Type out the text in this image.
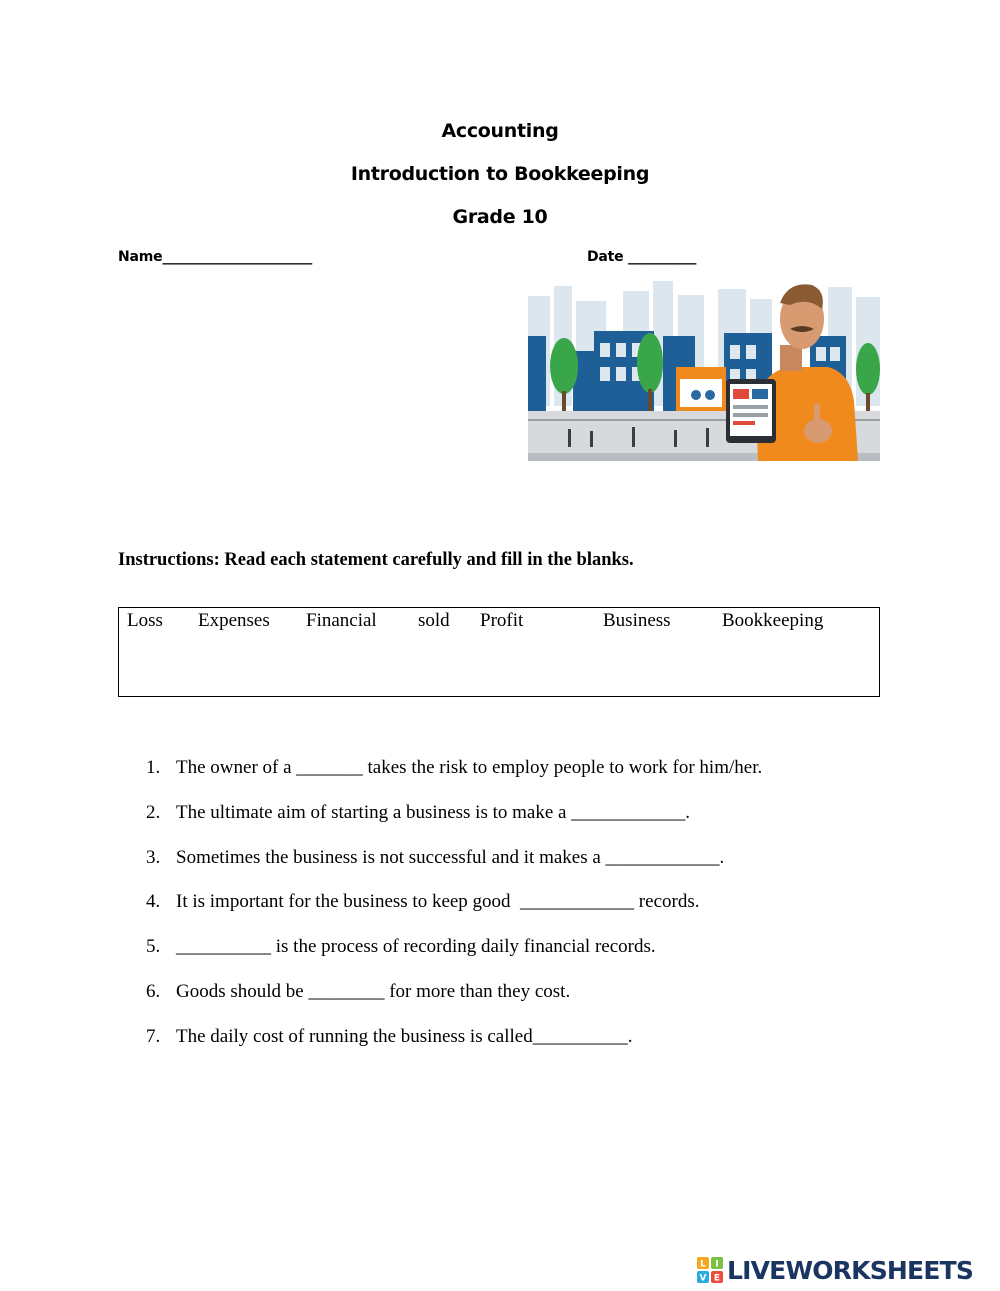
Accounting
Introduction to Bookkeeping
Grade 10
Name______________________	Date __________
Instructions: Read each statement carefully and fill in the blanks.
Loss Expenses Financial sold Profit	Business	Bookkeeping
1. The owner of a _______ takes the risk to employ people to work for him/her.
2. The ultimate aim of starting a business is to make a ____________.
3. Sometimes the business is not successful and it makes a ____________.
4. It is important for the business to keep good  ____________ records.
5. __________ is the process of recording daily financial records.
6. Goods should be ________ for more than they cost.
7. The daily cost of running the business is called__________.
L I
V E LIVEWORKSHEETS
